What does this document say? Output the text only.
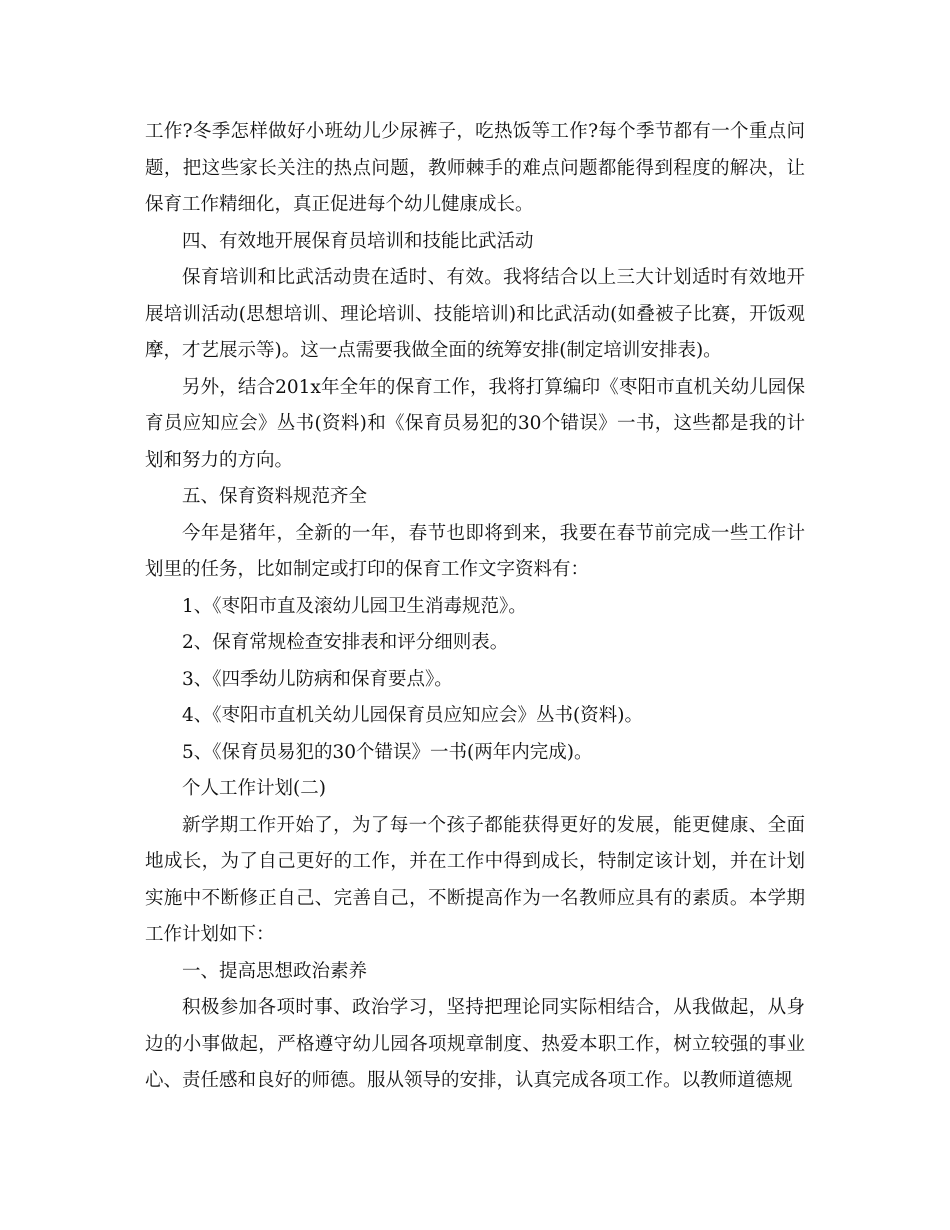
工作?冬季怎样做好小班幼儿少尿裤子，吃热饭等工作?每个季节都有一个重点问题，把这些家长关注的热点问题，教师棘手的难点问题都能得到程度的解决，让保育工作精细化，真正促进每个幼儿健康成长。

四、有效地开展保育员培训和技能比武活动

保育培训和比武活动贵在适时、有效。我将结合以上三大计划适时有效地开展培训活动(思想培训、理论培训、技能培训)和比武活动(如叠被子比赛，开饭观摩，才艺展示等)。这一点需要我做全面的统筹安排(制定培训安排表)。

另外，结合201x年全年的保育工作，我将打算编印《枣阳市直机关幼儿园保育员应知应会》丛书(资料)和《保育员易犯的30个错误》一书，这些都是我的计划和努力的方向。

五、保育资料规范齐全

今年是猪年，全新的一年，春节也即将到来，我要在春节前完成一些工作计划里的任务，比如制定或打印的保育工作文字资料有：

1、《枣阳市直及滚幼儿园卫生消毒规范》。

2、保育常规检查安排表和评分细则表。

3、《四季幼儿防病和保育要点》。

4、《枣阳市直机关幼儿园保育员应知应会》丛书(资料)。

5、《保育员易犯的30个错误》一书(两年内完成)。

个人工作计划(二)

新学期工作开始了，为了每一个孩子都能获得更好的发展，能更健康、全面地成长，为了自己更好的工作，并在工作中得到成长，特制定该计划，并在计划实施中不断修正自己、完善自己，不断提高作为一名教师应具有的素质。本学期工作计划如下：

一、提高思想政治素养

积极参加各项时事、政治学习，坚持把理论同实际相结合，从我做起，从身边的小事做起，严格遵守幼儿园各项规章制度、热爱本职工作，树立较强的事业心、责任感和良好的师德。服从领导的安排，认真完成各项工作。以教师道德规
